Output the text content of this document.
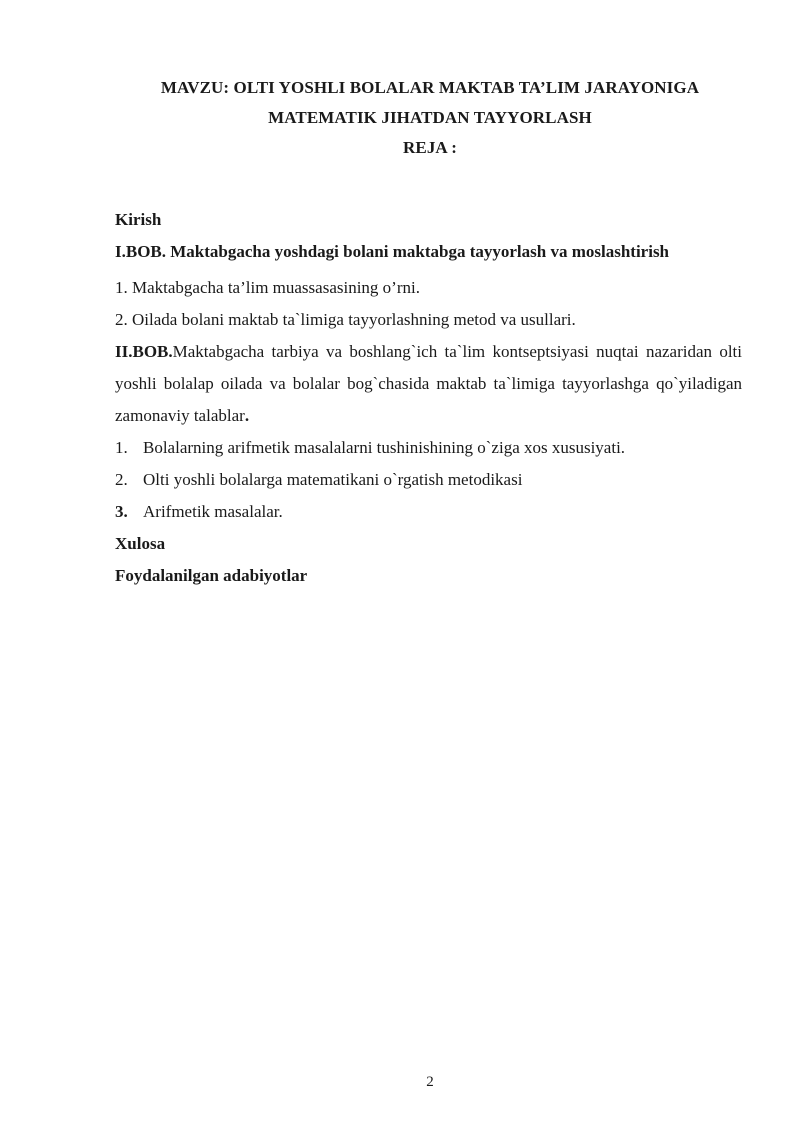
MAVZU: OLTI YOSHLI BOLALAR MAKTAB TA’LIM JARAYONIGA
MATEMATIK JIHATDAN TAYYORLASH
REJA :
Kirish
I.BOB. Maktabgacha yoshdagi bolani maktabga tayyorlash va moslashtirish
1. Maktabgacha ta’lim muassasasining o’rni.
2. Oilada bolani maktab ta`limiga tayyorlashning metod va usullari.
II.BOB.Maktabgacha tarbiya va boshlang`ich ta`lim kontseptsiyasi nuqtai nazaridan olti yoshli bolalap oilada va bolalar bog`chasida maktab ta`limiga tayyorlashga qo`yiladigan zamonaviy talablar.
1. Bolalarning arifmetik masalalarni tushinishining o`ziga xos xususiyati.
2. Olti yoshli bolalarga matematikani o`rgatish metodikasi
3. Arifmetik masalalar.
Xulosa
Foydalanilgan adabiyotlar
2
